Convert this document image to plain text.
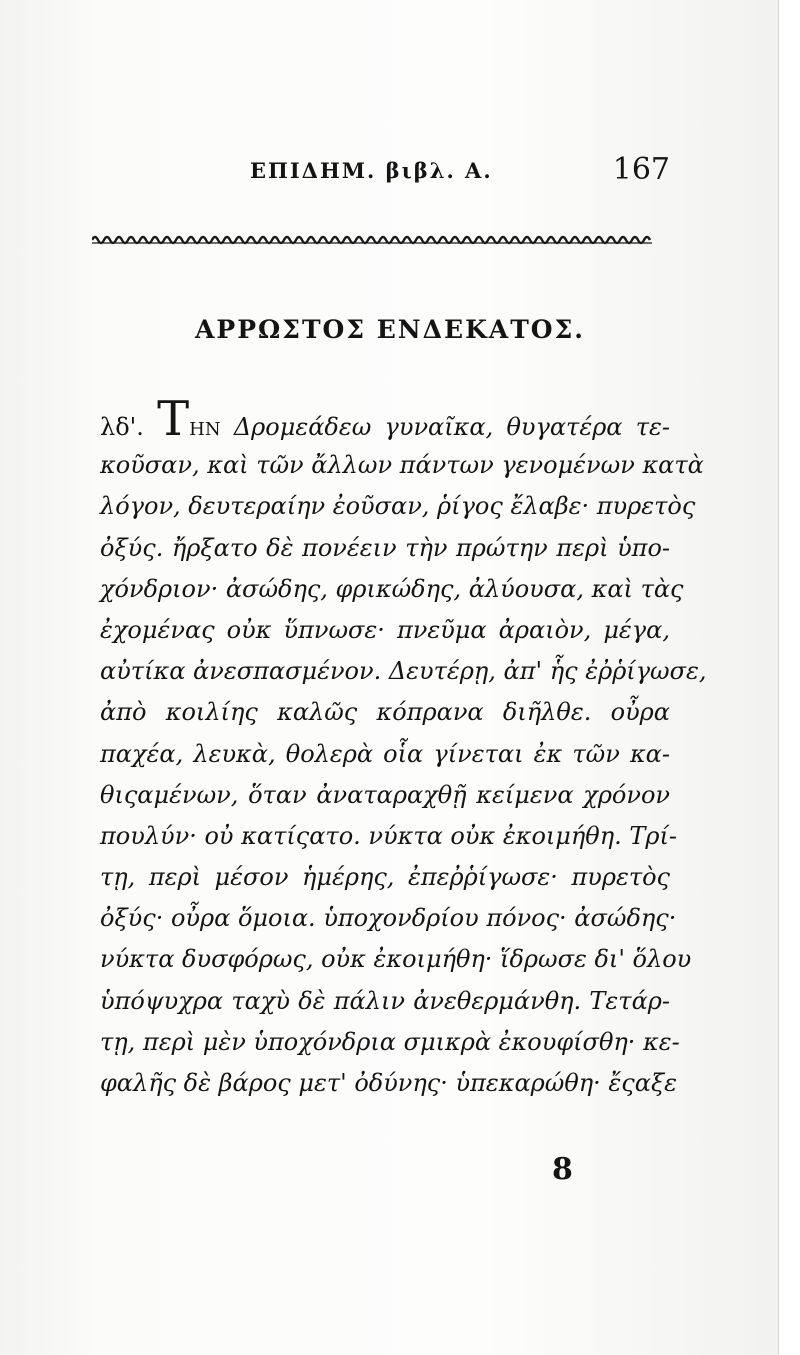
ΕΠΙΔΗΜ. βιβλ. Α.	167
ΑΡΡΩΣΤΟΣ ΕΝΔΕΚΑΤΟΣ.
λδ'. ΤΗΝ Δρομεάδεω γυναῖκα, θυγατέρα τε-
κοῦσαν, καὶ τῶν ἄλλων πάντων γενομένων κατὰ
λόγον, δευτεραίην ἐοῦσαν, ῥίγος ἔλαβε· πυρετὸς
ὀξύς. ἤρξατο δὲ πονέειν τὴν πρώτην περὶ ὑπο-
χόνδριον· ἀσώδης, φρικώδης, ἀλύουσα, καὶ τὰς
ἐχομένας οὐκ ὕπνωσε· πνεῦμα ἀραιὸν, μέγα,
αὐτίκα ἀνεσπασμένον. Δευτέρῃ, ἀπ' ἧς ἐῤῥίγωσε,
ἀπὸ κοιλίης καλῶς κόπρανα διῆλθε. οὖρα
παχέα, λευκὰ, θολερὰ οἷα γίνεται ἐκ τῶν κα-
θιςαμένων, ὅταν ἀναταραχθῇ κείμενα χρόνον
πουλύν· οὐ κατίςατο. νύκτα οὐκ ἐκοιμήθη. Τρί-
τῃ, περὶ μέσον ἡμέρης, ἐπεῤῥίγωσε· πυρετὸς
ὀξύς· οὖρα ὅμοια. ὑποχονδρίου πόνος· ἀσώδης·
νύκτα δυσφόρως, οὐκ ἐκοιμήθη· ἵδρωσε δι' ὅλου
ὑπόψυχρα ταχὺ δὲ πάλιν ἀνεθερμάνθη. Τετάρ-
τῃ, περὶ μὲν ὑποχόνδρια σμικρὰ ἐκουφίσθη· κε-
φαλῆς δὲ βάρος μετ' ὀδύνης· ὑπεκαρώθη· ἔςαξε
8
